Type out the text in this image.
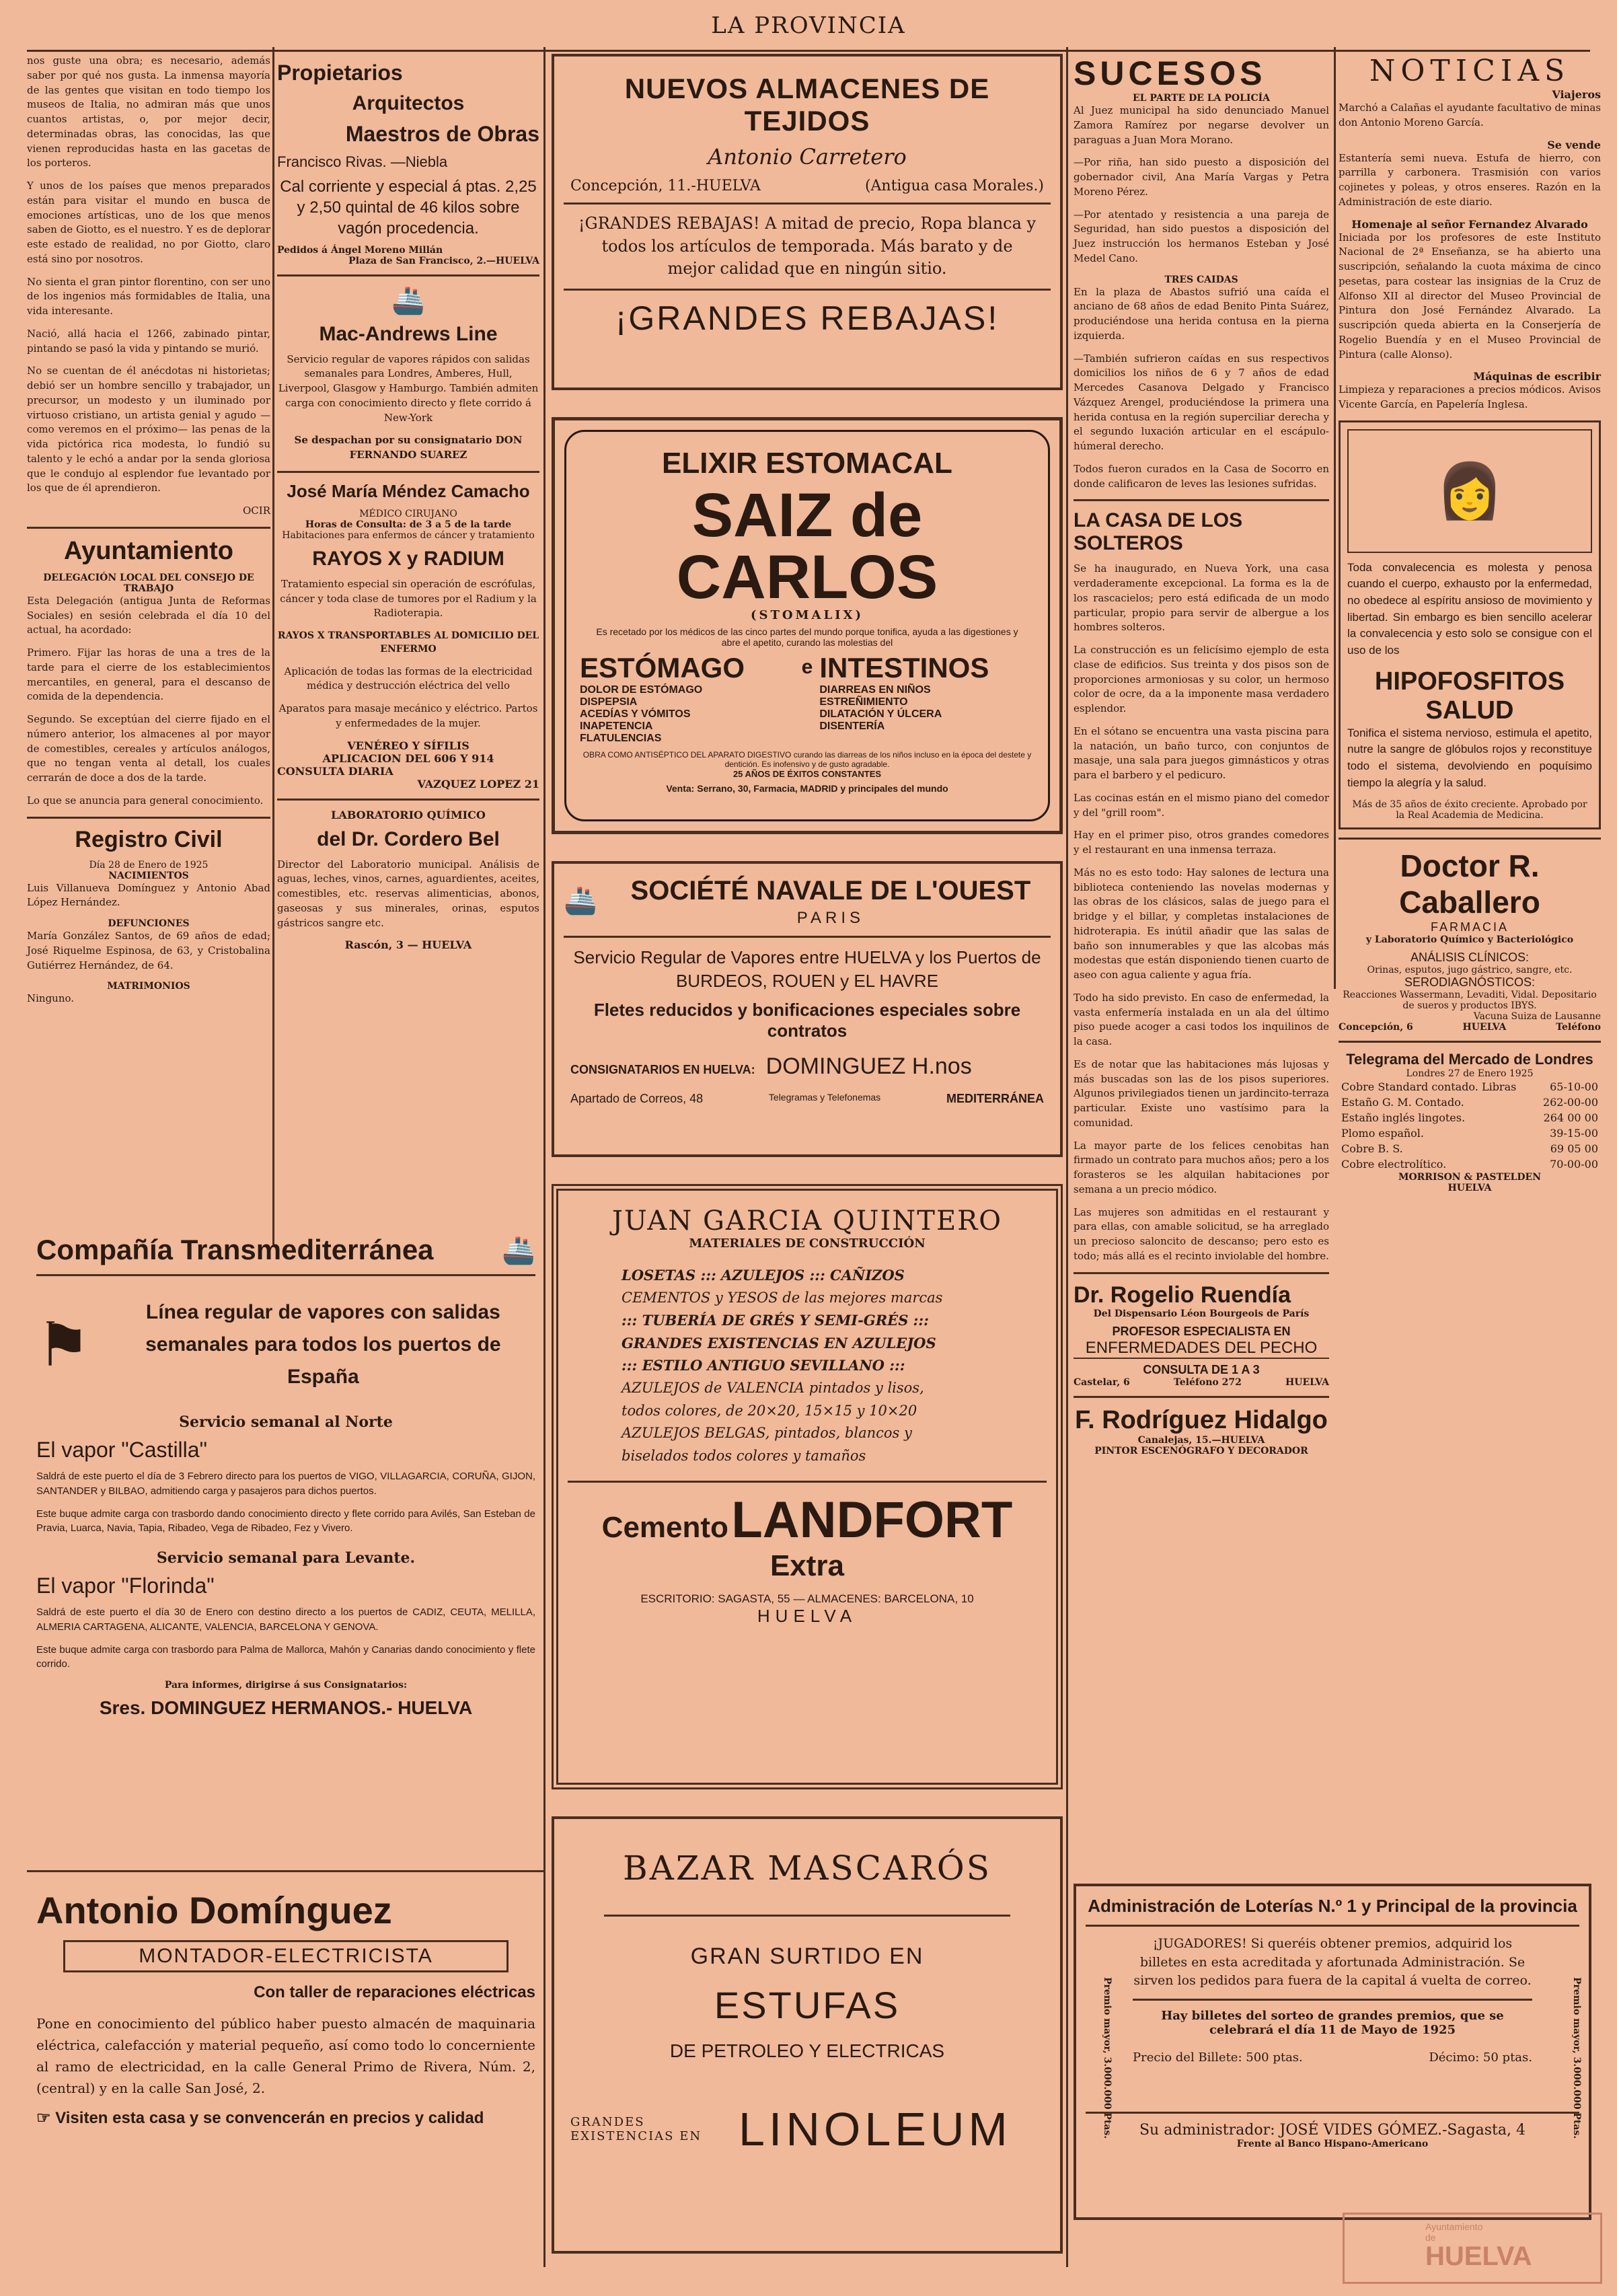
LA PROVINCIA

nos guste una obra; es necesario, además saber por qué nos gusta. La inmensa mayoría de las gentes que visitan en todo tiempo los museos de Italia, no admiran más que unos cuantos artistas, o, por mejor decir, determinadas obras, las conocidas, las que vienen reproducidas hasta en las gacetas de los porteros.

Y unos de los países que menos preparados están para visitar el mundo en busca de emociones artísticas, uno de los que menos saben de Giotto, es el nuestro. Y es de deplorar este estado de realidad, no por Giotto, claro está sino por nosotros.

No sienta el gran pintor florentino, con ser uno de los ingenios más formidables de Italia, una vida interesante.

Nació, allá hacia el 1266, zabinado pintar, pintando se pasó la vida y pintando se murió.

No se cuentan de él anécdotas ni historietas; debió ser un hombre sencillo y trabajador, un precursor, un modesto y un iluminado por virtuoso cristiano, un artista genial y agudo —como veremos en el próximo— las penas de la vida pictórica rica modesta, lo fundió su talento y le echó a andar por la senda gloriosa que le condujo al esplendor fue levantado por los que de él aprendieron.

OCIR

Ayuntamiento
DELEGACIÓN LOCAL DEL CONSEJO DE TRABAJO

Esta Delegación (antigua Junta de Reformas Sociales) en sesión celebrada el día 10 del actual, ha acordado:

Primero. Fijar las horas de una a tres de la tarde para el cierre de los establecimientos mercantiles, en general, para el descanso de comida de la dependencia.

Segundo. Se exceptúan del cierre fijado en el número anterior, los almacenes al por mayor de comestibles, cereales y artículos análogos, que no tengan venta al detall, los cuales cerrarán de doce a dos de la tarde.

Lo que se anuncia para general conocimiento.

Registro Civil
Día 28 de Enero de 1925
NACIMIENTOS

Luis Villanueva Domínguez y Antonio Abad López Hernández.

DEFUNCIONES

María González Santos, de 69 años de edad; José Riquelme Espinosa, de 63, y Cristobalina Gutiérrez Hernández, de 64.

MATRIMONIOS

Ninguno.

Propietarios
Arquitectos
Maestros de Obras
Francisco Rivas. —Niebla
Cal corriente y especial á ptas. 2,25 y 2,50 quintal de 46 kilos sobre vagón procedencia.
Pedidos á Ángel Moreno Millán
Plaza de San Francisco, 2.—HUELVA
🚢
Mac-Andrews Line

Servicio regular de vapores rápidos con salidas semanales para Londres, Amberes, Hull, Liverpool, Glasgow y Hamburgo. También admiten carga con conocimiento directo y flete corrido á New-York

Se despachan por su consignatario DON FERNANDO SUAREZ

José María Méndez Camacho
MÉDICO CIRUJANO
Horas de Consulta: de 3 a 5 de la tarde
Habitaciones para enfermos de cáncer y tratamiento
RAYOS X y RADIUM

Tratamiento especial sin operación de escrófulas, cáncer y toda clase de tumores por el Radium y la Radioterapia.

RAYOS X TRANSPORTABLES AL DOMICILIO DEL ENFERMO

Aplicación de todas las formas de la electricidad médica y destrucción eléctrica del vello

Aparatos para masaje mecánico y eléctrico. Partos y enfermedades de la mujer.

VENÉREO Y SÍFILIS
APLICACION DEL 606 Y 914
CONSULTA DIARIA
VAZQUEZ LOPEZ 21
LABORATORIO QUÍMICO
del Dr. Cordero Bel

Director del Laboratorio municipal. Análisis de aguas, leches, vinos, carnes, aguardientes, aceites, comestibles, etc. reservas alimenticias, abonos, gaseosas y sus minerales, orinas, esputos gástricos sangre etc.

Rascón, 3 — HUELVA
NUEVOS ALMACENES DE TEJIDOS
Antonio Carretero
Concepción, 11.-HUELVA	(Antigua casa Morales.)
¡GRANDES REBAJAS! A mitad de precio, Ropa blanca y todos los artículos de temporada. Más barato y de mejor calidad que en ningún sitio.
¡GRANDES REBAJAS!
ELIXIR ESTOMACAL
SAIZ de CARLOS
(STOMALIX)
Es recetado por los médicos de las cinco partes del mundo porque tonifica, ayuda a las digestiones y abre el apetito, curando las molestias del
ESTÓMAGO
DOLOR DE ESTÓMAGO
DISPEPSIA
ACEDÍAS Y VÓMITOS
INAPETENCIA
FLATULENCIAS
e INTESTINOS
DIARREAS EN NIÑOS
ESTREÑIMIENTO
DILATACIÓN Y ÚLCERA
DISENTERÍA
OBRA COMO ANTISÉPTICO DEL APARATO DIGESTIVO curando las diarreas de los niños incluso en la época del destete y dentición. Es inofensivo y de gusto agradable.
25 AÑOS DE ÉXITOS CONSTANTES
Venta: Serrano, 30, Farmacia, MADRID y principales del mundo
🚢	SOCIÉTÉ NAVALE DE L'OUEST
PARIS
Servicio Regular de Vapores entre HUELVA y los Puertos de BURDEOS, ROUEN y EL HAVRE
Fletes reducidos y bonificaciones especiales sobre contratos
CONSIGNATARIOS EN HUELVA: DOMINGUEZ H.nos
Apartado de Correos, 48	Telegramas y Telefonemas	MEDITERRÁNEA
JUAN GARCIA QUINTERO
MATERIALES DE CONSTRUCCIÓN
LOSETAS ::: AZULEJOS ::: CAÑIZOS
CEMENTOS y YESOS de las mejores marcas
::: TUBERÍA DE GRÉS Y SEMI-GRÉS :::
GRANDES EXISTENCIAS EN AZULEJOS
::: ESTILO ANTIGUO SEVILLANO :::
AZULEJOS de VALENCIA pintados y lisos,
todos colores, de 20×20, 15×15 y 10×20
AZULEJOS BELGAS, pintados, blancos y
biselados todos colores y tamaños
Cemento LANDFORT Extra
ESCRITORIO: SAGASTA, 55 — ALMACENES: BARCELONA, 10
HUELVA
BAZAR MASCARÓS
GRAN SURTIDO EN
ESTUFAS
DE PETROLEO Y ELECTRICAS
GRANDES EXISTENCIAS EN LINOLEUM
Compañía Transmediterránea	🚢
⚑	Línea regular de vapores con salidas semanales para todos los puertos de España
Servicio semanal al Norte
El vapor "Castilla"

Saldrá de este puerto el día de 3 Febrero directo para los puertos de VIGO, VILLAGARCIA, CORUÑA, GIJON, SANTANDER y BILBAO, admitiendo carga y pasajeros para dichos puertos.

Este buque admite carga con trasbordo dando conocimiento directo y flete corrido para Avilés, San Esteban de Pravia, Luarca, Navia, Tapia, Ribadeo, Vega de Ribadeo, Fez y Vivero.

Servicio semanal para Levante.
El vapor "Florinda"

Saldrá de este puerto el día 30 de Enero con destino directo a los puertos de CADIZ, CEUTA, MELILLA, ALMERIA CARTAGENA, ALICANTE, VALENCIA, BARCELONA Y GENOVA.

Este buque admite carga con trasbordo para Palma de Mallorca, Mahón y Canarias dando conocimiento y flete corrido.

Para informes, dirigirse á sus Consignatarios:
Sres. DOMINGUEZ HERMANOS.- HUELVA
Antonio Domínguez
MONTADOR-ELECTRICISTA
Con taller de reparaciones eléctricas

Pone en conocimiento del público haber puesto almacén de maquinaria eléctrica, calefacción y material pequeño, así como todo lo concerniente al ramo de electricidad, en la calle General Primo de Rivera, Núm. 2, (central) y en la calle San José, 2.

☞ Visiten esta casa y se convencerán en precios y calidad
SUCESOS
EL PARTE DE LA POLICÍA

Al Juez municipal ha sido denunciado Manuel Zamora Ramírez por negarse devolver un paraguas a Juan Mora Morano.

—Por riña, han sido puesto a disposición del gobernador civil, Ana María Vargas y Petra Moreno Pérez.

—Por atentado y resistencia a una pareja de Seguridad, han sido puestos a disposición del Juez instrucción los hermanos Esteban y José Medel Cano.

TRES CAIDAS

En la plaza de Abastos sufrió una caída el anciano de 68 años de edad Benito Pinta Suárez, produciéndose una herida contusa en la pierna izquierda.

—También sufrieron caídas en sus respectivos domicilios los niños de 6 y 7 años de edad Mercedes Casanova Delgado y Francisco Vázquez Arengel, produciéndose la primera una herida contusa en la región superciliar derecha y el segundo luxación articular en el escápulo-húmeral derecho.

Todos fueron curados en la Casa de Socorro en donde calificaron de leves las lesiones sufridas.

LA CASA DE LOS SOLTEROS

Se ha inaugurado, en Nueva York, una casa verdaderamente excepcional. La forma es la de los rascacielos; pero está edificada de un modo particular, propio para servir de albergue a los hombres solteros.

La construcción es un felicísimo ejemplo de esta clase de edificios. Sus treinta y dos pisos son de proporciones armoniosas y su color, un hermoso color de ocre, da a la imponente masa verdadero esplendor.

En el sótano se encuentra una vasta piscina para la natación, un baño turco, con conjuntos de masaje, una sala para juegos gimnásticos y otras para el barbero y el pedicuro.

Las cocinas están en el mismo piano del comedor y del "grill room".

Hay en el primer piso, otros grandes comedores y el restaurant en una inmensa terraza.

Más no es esto todo: Hay salones de lectura una biblioteca conteniendo las novelas modernas y las obras de los clásicos, salas de juego para el bridge y el billar, y completas instalaciones de hidroterapia. Es inútil añadir que las salas de baño son innumerables y que las alcobas más modestas que están disponiendo tienen cuarto de aseo con agua caliente y agua fría.

Todo ha sido previsto. En caso de enfermedad, la vasta enfermería instalada en un ala del último piso puede acoger a casi todos los inquilinos de la casa.

Es de notar que las habitaciones más lujosas y más buscadas son las de los pisos superiores. Algunos privilegiados tienen un jardincito-terraza particular. Existe uno vastísimo para la comunidad.

La mayor parte de los felices cenobitas han firmado un contrato para muchos años; pero a los forasteros se les alquilan habitaciones por semana a un precio módico.

Las mujeres son admitidas en el restaurant y para ellas, con amable solicitud, se ha arreglado un precioso saloncito de descanso; pero esto es todo; más allá es el recinto inviolable del hombre.

Dr. Rogelio Ruendía
Del Dispensario Léon Bourgeois de París
PROFESOR ESPECIALISTA EN
ENFERMEDADES DEL PECHO
CONSULTA DE 1 A 3
Castelar, 6	Teléfono 272	HUELVA
F. Rodríguez Hidalgo
Canalejas, 15.—HUELVA
PINTOR ESCENÓGRAFO Y DECORADOR
NOTICIAS
Viajeros

Marchó a Calañas el ayudante facultativo de minas don Antonio Moreno García.

Se vende

Estantería semi nueva. Estufa de hierro, con parrilla y carbonera. Trasmisión con varios cojinetes y poleas, y otros enseres. Razón en la Administración de este diario.

Homenaje al señor Fernandez Alvarado

Iniciada por los profesores de este Instituto Nacional de 2ª Enseñanza, se ha abierto una suscripción, señalando la cuota máxima de cinco pesetas, para costear las insignias de la Cruz de Alfonso XII al director del Museo Provincial de Pintura don José Fernández Alvarado. La suscripción queda abierta en la Conserjería de Rogelio Buendía y en el Museo Provincial de Pintura (calle Alonso).

Máquinas de escribir

Limpieza y reparaciones a precios módicos. Avisos Vicente García, en Papelería Inglesa.

👩

Toda convalecencia es molesta y penosa cuando el cuerpo, exhausto por la enfermedad, no obedece al espíritu ansioso de movimiento y libertad. Sin embargo es bien sencillo acelerar la convalecencia y esto solo se consigue con el uso de los

HIPOFOSFITOS
SALUD

Tonifica el sistema nervioso, estimula el apetito, nutre la sangre de glóbulos rojos y reconstituye todo el sistema, devolviendo en poquísimo tiempo la alegría y la salud.

Más de 35 años de éxito creciente. Aprobado por la Real Academia de Medicina.
Doctor R. Caballero
FARMACIA
y Laboratorio Químico y Bacteriológico
ANÁLISIS CLÍNICOS:
Orinas, esputos, jugo gástrico, sangre, etc.
SERODIAGNÓSTICOS:
Reacciones Wassermann, Levaditi, Vidal. Depositario de sueros y productos IBYS.
Vacuna Suiza de Lausanne
Concepción, 6	HUELVA	Teléfono
Telegrama del Mercado de Londres
Londres 27 de Enero 1925
Cobre Standard contado. Libras	65-10-00
Estaño G. M. Contado.	262-00-00
Estaño inglés lingotes.	264 00 00
Plomo español.	39-15-00
Cobre B. S.	69 05 00
Cobre electrolítico.	70-00-00
MORRISON & PASTELDEN
HUELVA
Administración de Loterías N.º 1 y Principal de la provincia
Premio mayor, 3.000.000 Ptas.	Premio mayor, 3.000.000 Ptas.
¡JUGADORES! Si queréis obtener premios, adquirid los billetes en esta acreditada y afortunada Administración. Se sirven los pedidos para fuera de la capital á vuelta de correo.
Hay billetes del sorteo de grandes premios, que se celebrará el día 11 de Mayo de 1925
Precio del Billete: 500 ptas.	Décimo: 50 ptas.
Su administrador: JOSÉ VIDES GÓMEZ.-Sagasta, 4
Frente al Banco Hispano-Americano
Ayuntamiento
de
HUELVA
